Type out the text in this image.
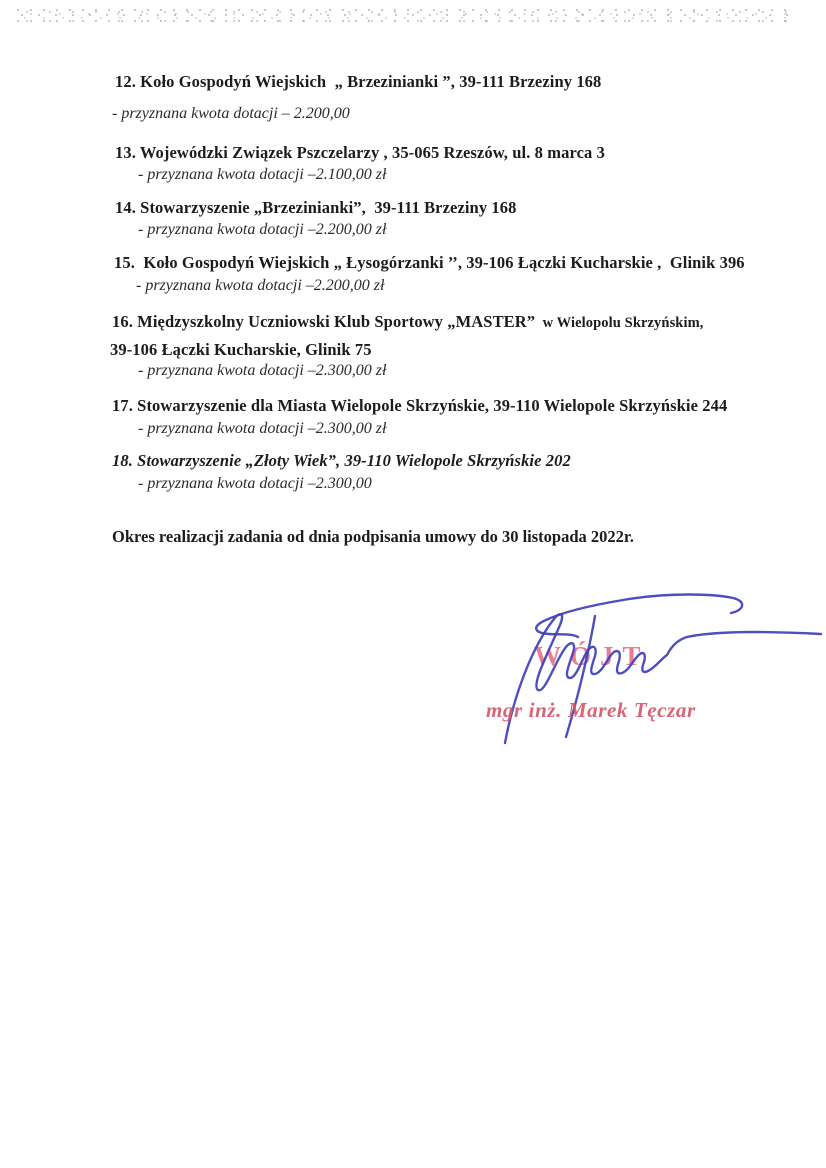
12. Koło Gospodyń Wiejskich  „ Brzezinianki ”, 39-111 Brzeziny 168
- przyznana kwota dotacji – 2.200,00
13. Wojewódzki Związek Pszczelarzy , 35-065 Rzeszów, ul. 8 marca 3
- przyznana kwota dotacji –2.100,00 zł
14. Stowarzyszenie „Brzezinianki”,  39-111 Brzeziny 168
- przyznana kwota dotacji –2.200,00 zł
15.  Koło Gospodyń Wiejskich „ Łysogórzanki ’’, 39-106 Łączki Kucharskie ,  Glinik 396
- przyznana kwota dotacji –2.200,00 zł
16. Międzyszkolny Uczniowski Klub Sportowy „MASTER”  w Wielopolu Skrzyńskim,
39-106 Łączki Kucharskie, Glinik 75
- przyznana kwota dotacji –2.300,00 zł
17. Stowarzyszenie dla Miasta Wielopole Skrzyńskie, 39-110 Wielopole Skrzyńskie 244
- przyznana kwota dotacji –2.300,00 zł
18. Stowarzyszenie „Złoty Wiek”, 39-110 Wielopole Skrzyńskie 202
- przyznana kwota dotacji –2.300,00
Okres realizacji zadania od dnia podpisania umowy do 30 listopada 2022r.
WÓJT
mgr inż. Marek Tęczar
